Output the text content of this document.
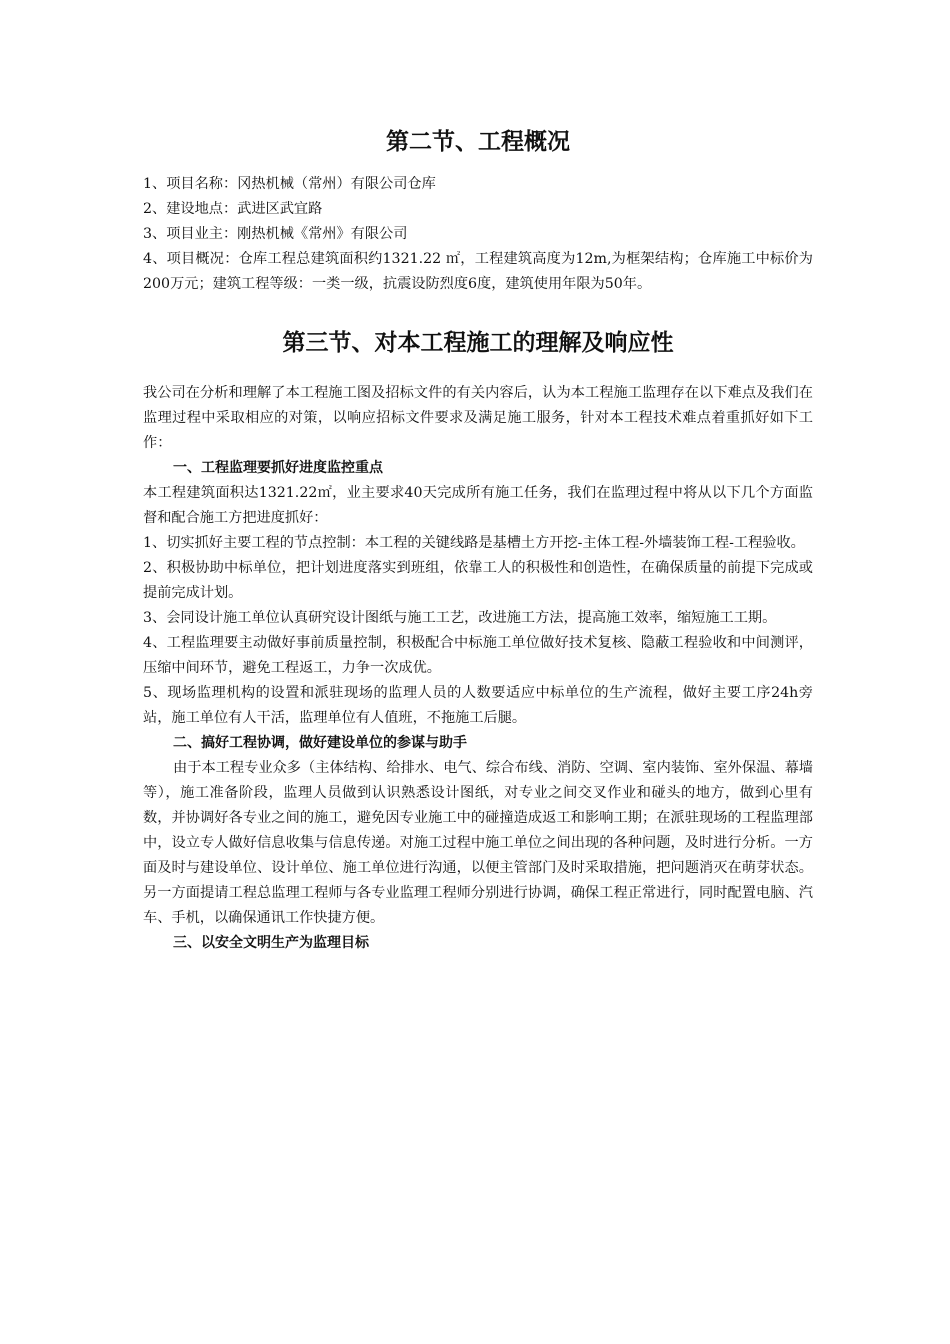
第二节、工程概况

1、项目名称：冈热机械（常州）有限公司仓库

2、建设地点：武进区武宜路

3、项目业主：刚热机械《常州》有限公司

4、项目概况：仓库工程总建筑面积约1321.22 ㎡，工程建筑高度为12m,为框架结构；仓库施工中标价为200万元；建筑工程等级：一类一级，抗震设防烈度6度，建筑使用年限为50年。

第三节、对本工程施工的理解及响应性

我公司在分析和理解了本工程施工图及招标文件的有关内容后，认为本工程施工监理存在以下难点及我们在监理过程中采取相应的对策，以响应招标文件要求及满足施工服务，针对本工程技术难点着重抓好如下工作：

一、工程监理要抓好进度监控重点

本工程建筑面积达1321.22㎡，业主要求40天完成所有施工任务，我们在监理过程中将从以下几个方面监督和配合施工方把进度抓好：

1、切实抓好主要工程的节点控制：本工程的关键线路是基槽土方开挖-主体工程-外墙装饰工程-工程验收。

2、积极协助中标单位，把计划进度落实到班组，依靠工人的积极性和创造性，在确保质量的前提下完成或提前完成计划。

3、会同设计施工单位认真研究设计图纸与施工工艺，改进施工方法，提高施工效率，缩短施工工期。

4、工程监理要主动做好事前质量控制，积极配合中标施工单位做好技术复核、隐蔽工程验收和中间测评，压缩中间环节，避免工程返工，力争一次成优。

5、现场监理机构的设置和派驻现场的监理人员的人数要适应中标单位的生产流程，做好主要工序24h旁站，施工单位有人干活，监理单位有人值班，不拖施工后腿。

二、搞好工程协调，做好建设单位的参谋与助手

由于本工程专业众多（主体结构、给排水、电气、综合布线、消防、空调、室内装饰、室外保温、幕墙等），施工准备阶段，监理人员做到认识熟悉设计图纸，对专业之间交叉作业和碰头的地方，做到心里有数，并协调好各专业之间的施工，避免因专业施工中的碰撞造成返工和影响工期；在派驻现场的工程监理部中，设立专人做好信息收集与信息传递。对施工过程中施工单位之间出现的各种问题，及时进行分析。一方面及时与建设单位、设计单位、施工单位进行沟通，以便主管部门及时采取措施，把问题消灭在萌芽状态。另一方面提请工程总监理工程师与各专业监理工程师分别进行协调，确保工程正常进行，同时配置电脑、汽车、手机，以确保通讯工作快捷方便。

三、以安全文明生产为监理目标
